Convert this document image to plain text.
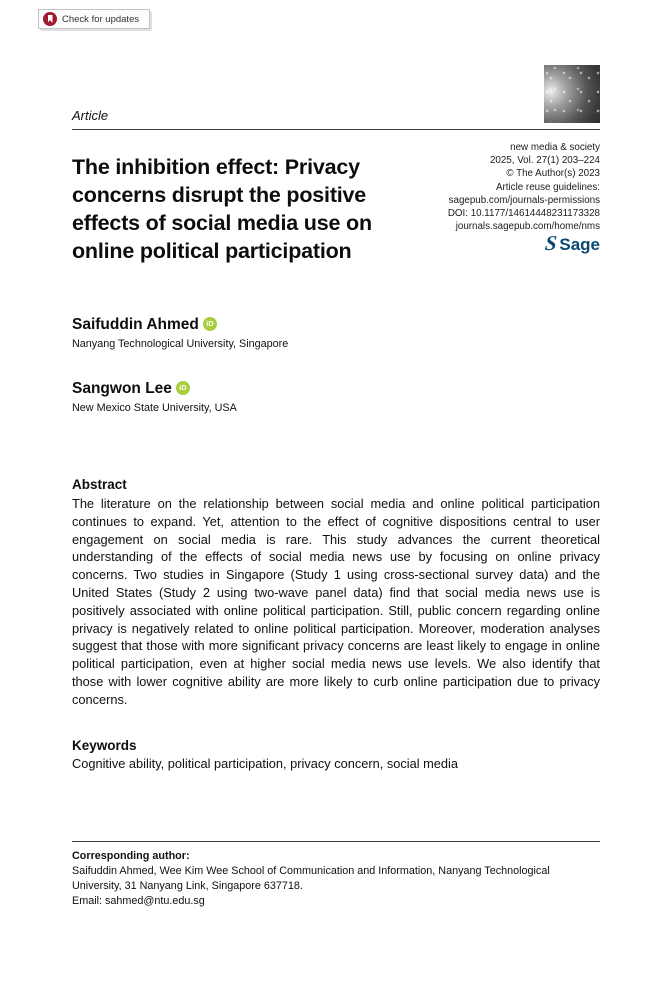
Check for updates
Article
The inhibition effect: Privacy concerns disrupt the positive effects of social media use on online political participation
new media & society
2025, Vol. 27(1) 203–224
© The Author(s) 2023
Article reuse guidelines:
sagepub.com/journals-permissions
DOI: 10.1177/14614448231173328
journals.sagepub.com/home/nms
S Sage
Saifuddin Ahmed iD
Nanyang Technological University, Singapore
Sangwon Lee iD
New Mexico State University, USA
Abstract

The literature on the relationship between social media and online political participation continues to expand. Yet, attention to the effect of cognitive dispositions central to user engagement on social media is rare. This study advances the current theoretical understanding of the effects of social media news use by focusing on online privacy concerns. Two studies in Singapore (Study 1 using cross-sectional survey data) and the United States (Study 2 using two-wave panel data) find that social media news use is positively associated with online political participation. Still, public concern regarding online privacy is negatively related to online political participation. Moreover, moderation analyses suggest that those with more significant privacy concerns are least likely to engage in online political participation, even at higher social media news use levels. We also identify that those with lower cognitive ability are more likely to curb online participation due to privacy concerns.

Keywords

Cognitive ability, political participation, privacy concern, social media

Corresponding author:
Saifuddin Ahmed, Wee Kim Wee School of Communication and Information, Nanyang Technological University, 31 Nanyang Link, Singapore 637718.
Email: sahmed@ntu.edu.sg
